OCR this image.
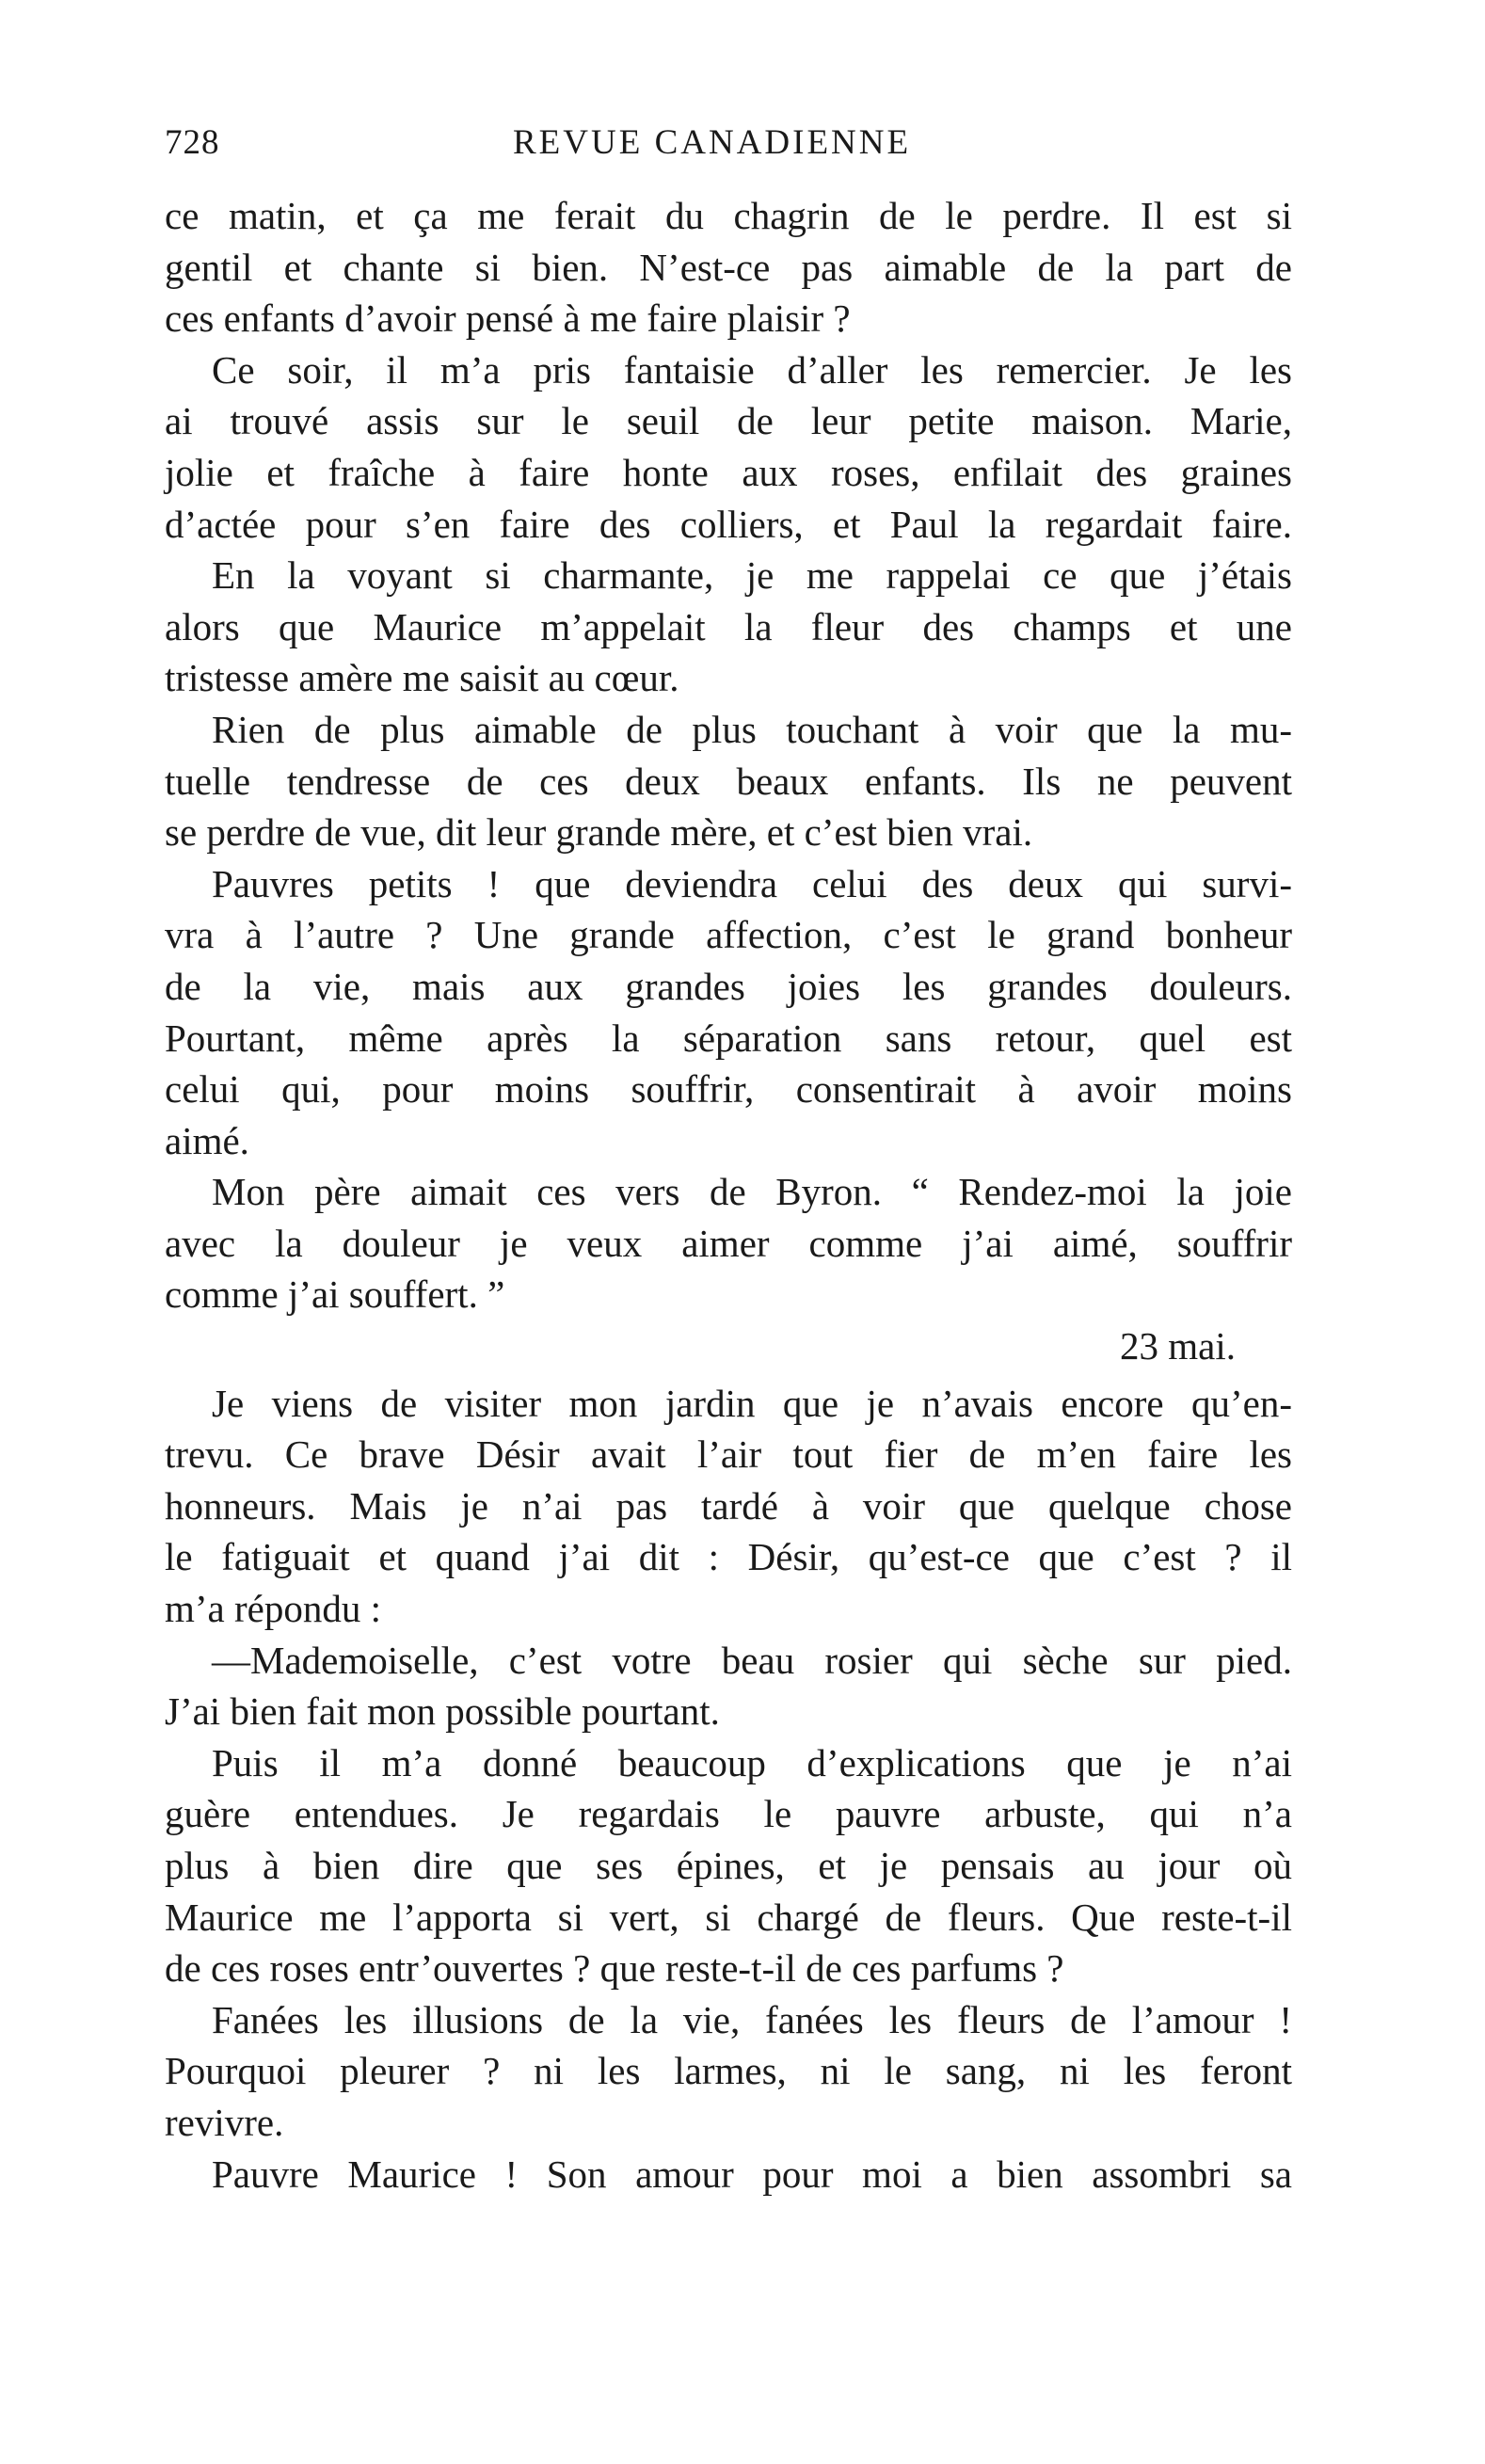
728	REVUE CANADIENNE
ce matin, et ça me ferait du chagrin de le perdre. Il est si
gentil et chante si bien. N’est-ce pas aimable de la part de
ces enfants d’avoir pensé à me faire plaisir ?
Ce soir, il m’a pris fantaisie d’aller les remercier. Je les
ai trouvé assis sur le seuil de leur petite maison. Marie,
jolie et fraîche à faire honte aux roses, enfilait des graines
d’actée pour s’en faire des colliers, et Paul la regardait faire.
En la voyant si charmante, je me rappelai ce que j’étais
alors que Maurice m’appelait la fleur des champs et une
tristesse amère me saisit au cœur.
Rien de plus aimable de plus touchant à voir que la mu-
tuelle tendresse de ces deux beaux enfants. Ils ne peuvent
se perdre de vue, dit leur grande mère, et c’est bien vrai.
Pauvres petits ! que deviendra celui des deux qui survi-
vra à l’autre ? Une grande affection, c’est le grand bonheur
de la vie, mais aux grandes joies les grandes douleurs.
Pourtant, même après la séparation sans retour, quel est
celui qui, pour moins souffrir, consentirait à avoir moins
aimé.
Mon père aimait ces vers de Byron. “ Rendez-moi la joie
avec la douleur je veux aimer comme j’ai aimé, souffrir
comme j’ai souffert. ”
23 mai.
Je viens de visiter mon jardin que je n’avais encore qu’en-
trevu. Ce brave Désir avait l’air tout fier de m’en faire les
honneurs. Mais je n’ai pas tardé à voir que quelque chose
le fatiguait et quand j’ai dit : Désir, qu’est-ce que c’est ? il
m’a répondu :
—Mademoiselle, c’est votre beau rosier qui sèche sur pied.
J’ai bien fait mon possible pourtant.
Puis il m’a donné beaucoup d’explications que je n’ai
guère entendues. Je regardais le pauvre arbuste, qui n’a
plus à bien dire que ses épines, et je pensais au jour où
Maurice me l’apporta si vert, si chargé de fleurs. Que reste-t-il
de ces roses entr’ouvertes ? que reste-t-il de ces parfums ?
Fanées les illusions de la vie, fanées les fleurs de l’amour !
Pourquoi pleurer ? ni les larmes, ni le sang, ni les feront
revivre.
Pauvre Maurice ! Son amour pour moi a bien assombri sa
